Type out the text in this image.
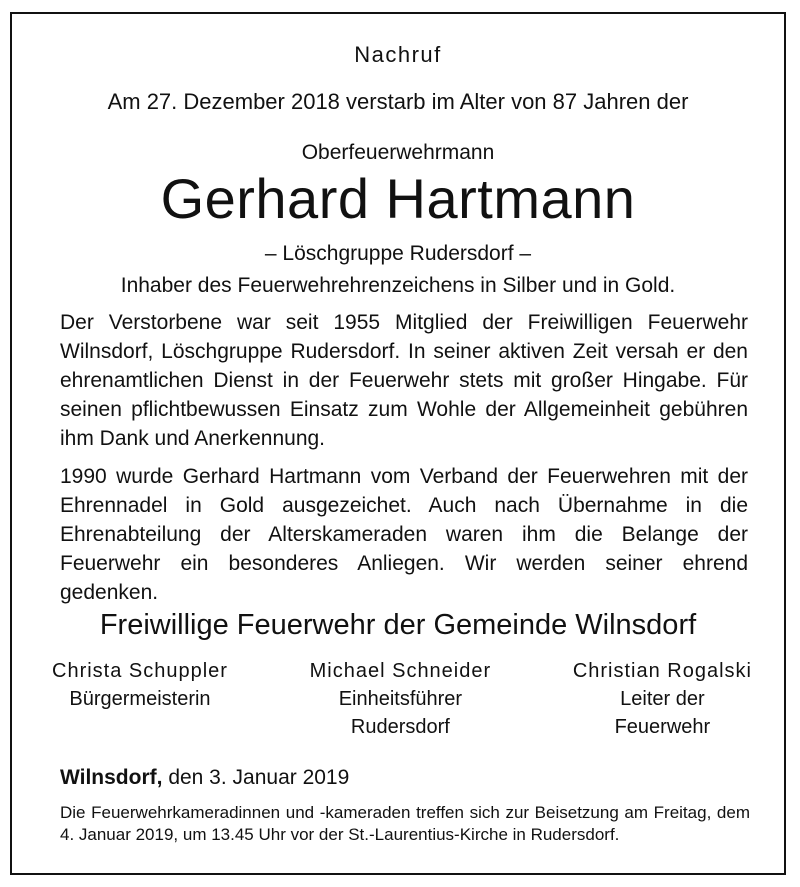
Nachruf
Am 27. Dezember 2018 verstarb im Alter von 87 Jahren der
Oberfeuerwehrmann
Gerhard Hartmann
– Löschgruppe Rudersdorf –
Inhaber des Feuerwehrehrenzeichens in Silber und in Gold.
Der Verstorbene war seit 1955 Mitglied der Freiwilligen Feuerwehr Wilnsdorf, Löschgruppe Rudersdorf. In seiner aktiven Zeit versah er den ehrenamtlichen Dienst in der Feuerwehr stets mit großer Hingabe. Für seinen pflichtbewussen Einsatz zum Wohle der Allgemeinheit gebühren ihm Dank und Anerkennung.
1990 wurde Gerhard Hartmann vom Verband der Feuerwehren mit der Ehrennadel in Gold ausgezeichet. Auch nach Übernahme in die Ehrenabteilung der Alterskameraden waren ihm die Belange der Feuerwehr ein besonderes Anliegen. Wir werden seiner ehrend gedenken.
Freiwillige Feuerwehr der Gemeinde Wilnsdorf
Christa Schuppler
Bürgermeisterin
Michael Schneider
Einheitsführer
Rudersdorf
Christian Rogalski
Leiter der
Feuerwehr
Wilnsdorf, den 3. Januar 2019
Die Feuerwehrkameradinnen und -kameraden treffen sich zur Beisetzung am Freitag, dem 4. Januar 2019, um 13.45 Uhr vor der St.-Laurentius-Kirche in Rudersdorf.
